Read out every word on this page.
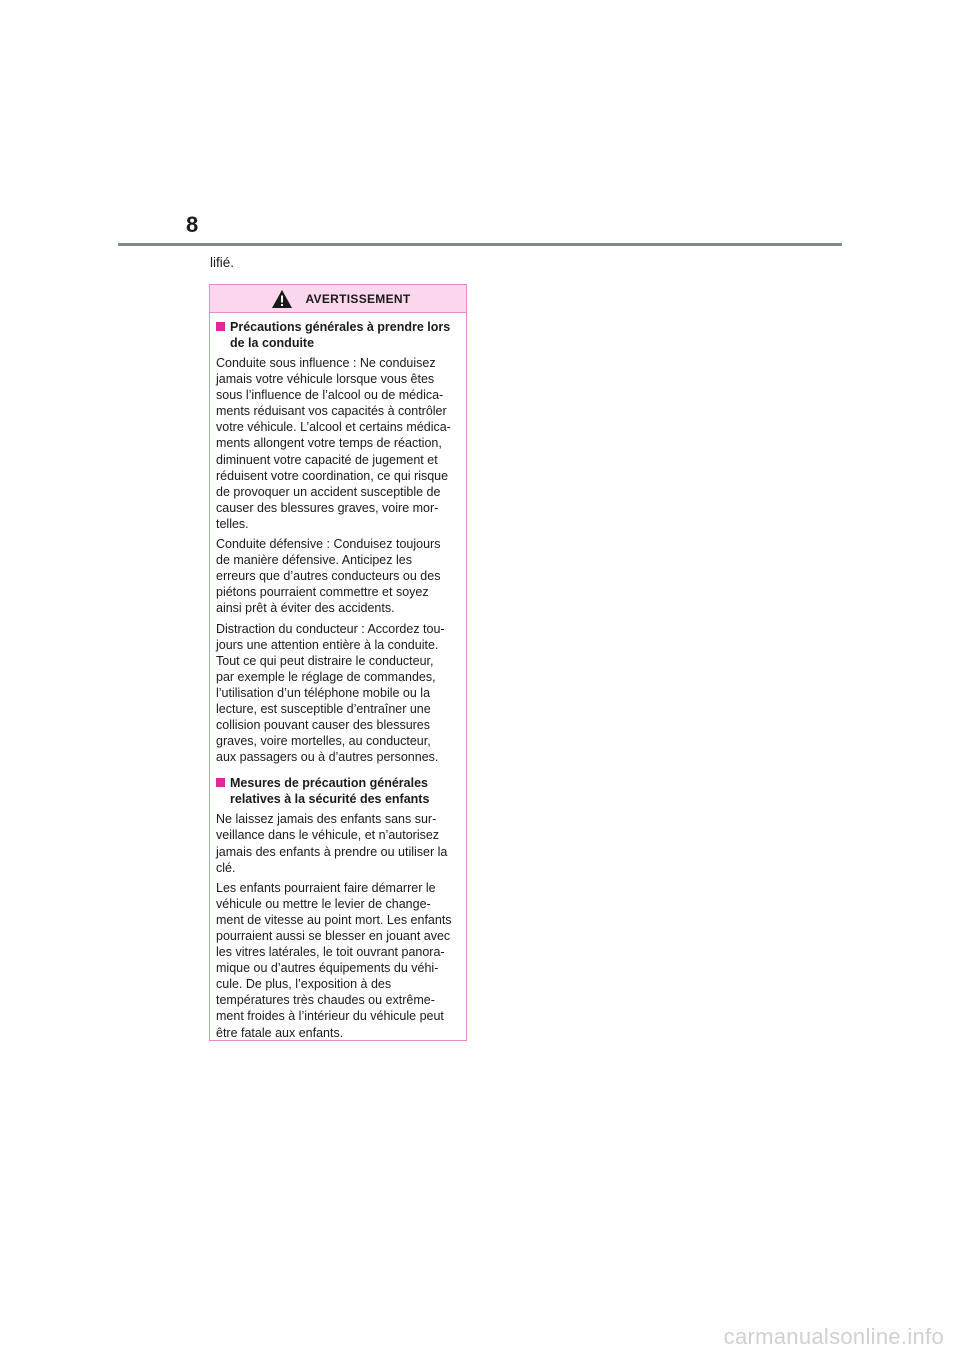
8
lifié.
AVERTISSEMENT
Précautions générales à prendre lors
de la conduite
Conduite sous influence : Ne conduisez
jamais votre véhicule lorsque vous êtes
sous l’influence de l’alcool ou de médica-
ments réduisant vos capacités à contrôler
votre véhicule. L’alcool et certains médica-
ments allongent votre temps de réaction,
diminuent votre capacité de jugement et
réduisent votre coordination, ce qui risque
de provoquer un accident susceptible de
causer des blessures graves, voire mor-
telles.
Conduite défensive : Conduisez toujours
de manière défensive. Anticipez les
erreurs que d’autres conducteurs ou des
piétons pourraient commettre et soyez
ainsi prêt à éviter des accidents.
Distraction du conducteur : Accordez tou-
jours une attention entière à la conduite.
Tout ce qui peut distraire le conducteur,
par exemple le réglage de commandes,
l’utilisation d’un téléphone mobile ou la
lecture, est susceptible d’entraîner une
collision pouvant causer des blessures
graves, voire mortelles, au conducteur,
aux passagers ou à d’autres personnes.
Mesures de précaution générales
relatives à la sécurité des enfants
Ne laissez jamais des enfants sans sur-
veillance dans le véhicule, et n’autorisez
jamais des enfants à prendre ou utiliser la
clé.
Les enfants pourraient faire démarrer le
véhicule ou mettre le levier de change-
ment de vitesse au point mort. Les enfants
pourraient aussi se blesser en jouant avec
les vitres latérales, le toit ouvrant panora-
mique ou d’autres équipements du véhi-
cule. De plus, l’exposition à des
températures très chaudes ou extrême-
ment froides à l’intérieur du véhicule peut
être fatale aux enfants.
carmanualsonline.info
